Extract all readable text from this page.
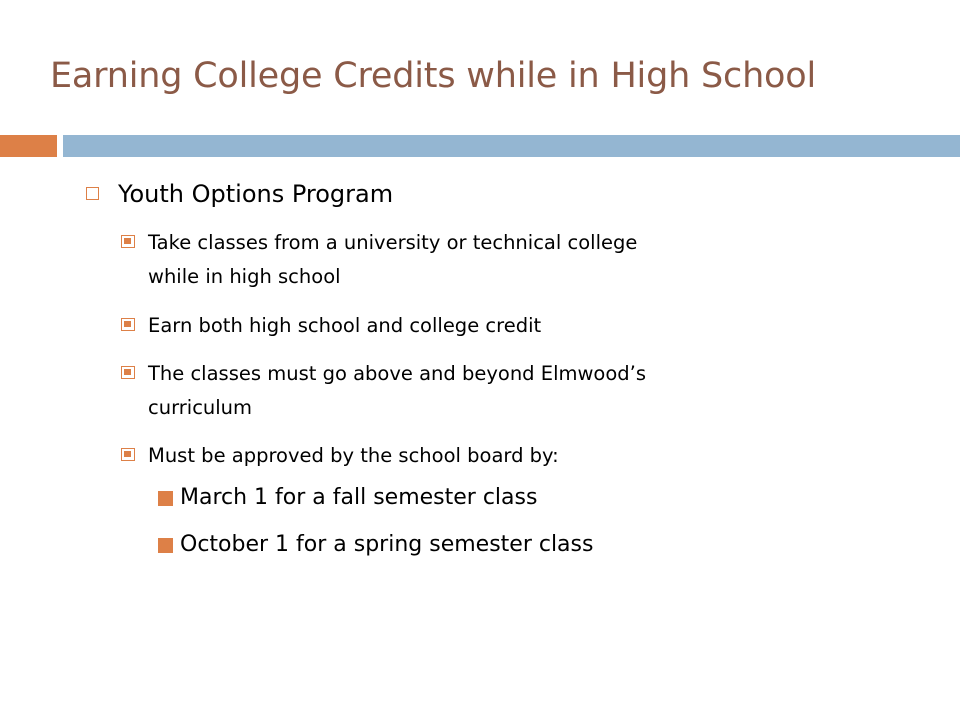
Earning College Credits while in High School
Youth Options Program
Take classes from a university or technical college
while in high school
Earn both high school and college credit
The classes must go above and beyond Elmwood’s
curriculum
Must be approved by the school board by:
March 1 for a fall semester class
October 1 for a spring semester class
